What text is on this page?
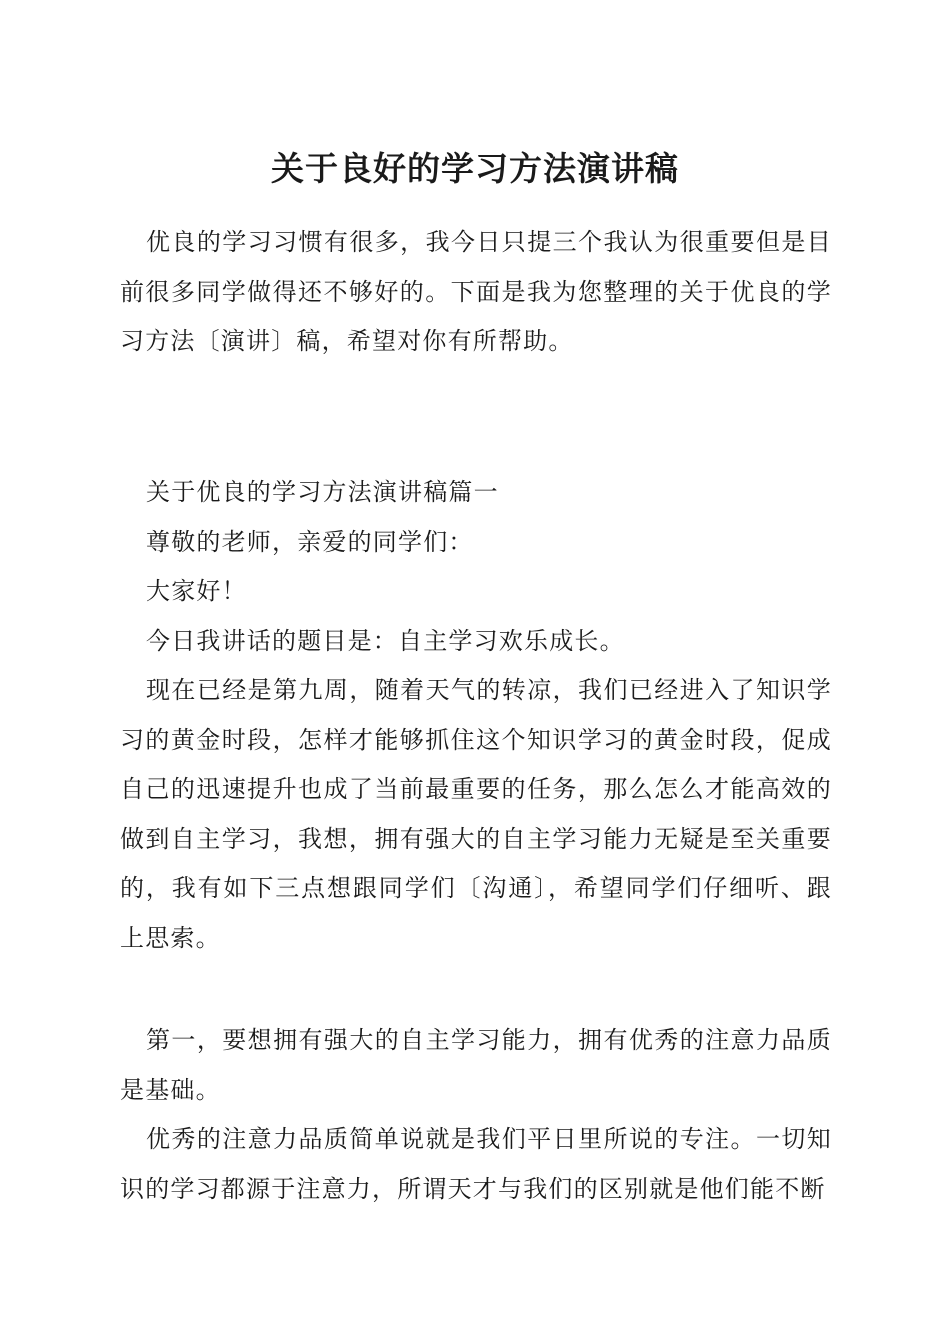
关于良好的学习方法演讲稿

优良的学习习惯有很多，我今日只提三个我认为很重要但是目前很多同学做得还不够好的。下面是我为您整理的关于优良的学习方法〔演讲〕稿，希望对你有所帮助。

关于优良的学习方法演讲稿篇一

尊敬的老师，亲爱的同学们：

大家好！

今日我讲话的题目是：自主学习欢乐成长。

现在已经是第九周，随着天气的转凉，我们已经进入了知识学习的黄金时段，怎样才能够抓住这个知识学习的黄金时段，促成自己的迅速提升也成了当前最重要的任务，那么怎么才能高效的做到自主学习，我想，拥有强大的自主学习能力无疑是至关重要的，我有如下三点想跟同学们〔沟通〕，希望同学们仔细听、跟上思索。

第一，要想拥有强大的自主学习能力，拥有优秀的注意力品质是基础。

优秀的注意力品质简单说就是我们平日里所说的专注。一切知识的学习都源于注意力，所谓天才与我们的区别就是他们能不断
